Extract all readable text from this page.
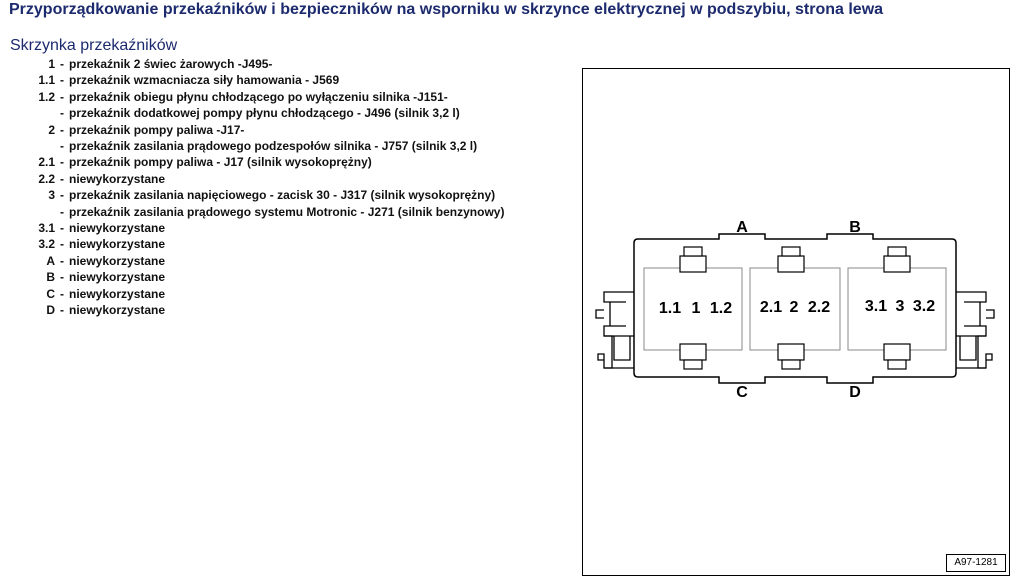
Przyporządkowanie przekaźników i bezpieczników na wsporniku w skrzynce elektrycznej w podszybiu, strona lewa
Skrzynka przekaźników
1 - przekaźnik 2 świec żarowych -J495-
1.1 - przekaźnik wzmacniacza siły hamowania - J569
1.2 - przekaźnik obiegu płynu chłodzącego po wyłączeniu silnika -J151-
- przekaźnik dodatkowej pompy płynu chłodzącego - J496 (silnik 3,2 l)
2 - przekaźnik pompy paliwa -J17-
- przekaźnik zasilania prądowego podzespołów silnika - J757 (silnik 3,2 l)
2.1 - przekaźnik pompy paliwa - J17 (silnik wysokoprężny)
2.2 - niewykorzystane
3 - przekaźnik zasilania napięciowego - zacisk 30 - J317 (silnik wysokoprężny)
- przekaźnik zasilania prądowego systemu Motronic - J271 (silnik benzynowy)
3.1 - niewykorzystane
3.2 - niewykorzystane
A - niewykorzystane
B - niewykorzystane
C - niewykorzystane
D - niewykorzystane	1.1 1 1.2 2.1 2 2.2 3.1 3 3.2
A	B
C	D
A97-1281
